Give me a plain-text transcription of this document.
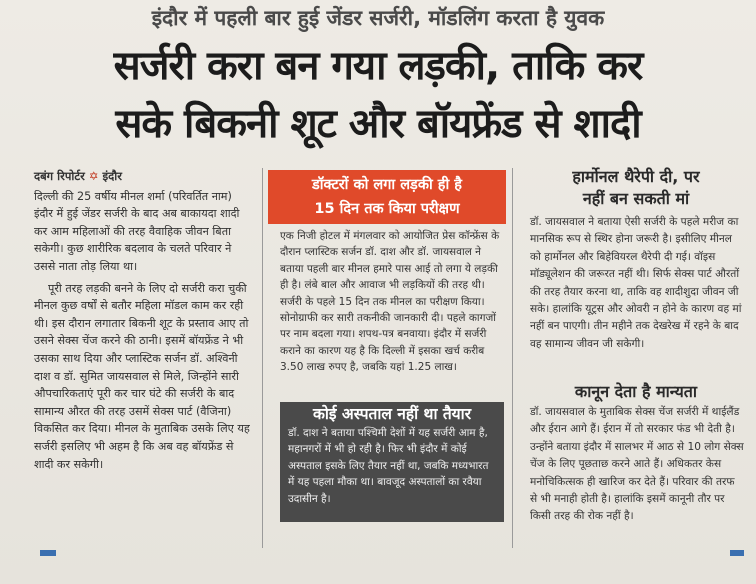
इंदौर में पहली बार हुई जेंडर सर्जरी, मॉडलिंग करता है युवक
सर्जरी करा बन गया लड़की, ताकि कर
सके बिकनी शूट और बॉयफ्रेंड से शादी
दबंग रिपोर्टर ✡ इंदौर

दिल्ली की 25 वर्षीय मीनल शर्मा (परिवर्तित नाम) इंदौर में हुई जेंडर सर्जरी के बाद अब बाकायदा शादी कर आम महिलाओं की तरह वैवाहिक जीवन बिता सकेगी। कुछ शारीरिक बदलाव के चलते परिवार ने उससे नाता तोड़ लिया था।

पूरी तरह लड़की बनने के लिए दो सर्जरी करा चुकी मीनल कुछ वर्षों से बतौर महिला मॉडल काम कर रही थी। इस दौरान लगातार बिकनी शूट के प्रस्ताव आए तो उसने सेक्स चेंज करने की ठानी। इसमें बॉयफ्रेंड ने भी उसका साथ दिया और प्लास्टिक सर्जन डॉ. अश्विनी दाश व डॉ. सुमित जायसवाल से मिले, जिन्होंने सारी औपचारिकताएं पूरी कर चार घंटे की सर्जरी के बाद सामान्य औरत की तरह उसमें सेक्स पार्ट (वैजिना) विकसित कर दिया। मीनल के मुताबिक उसके लिए यह सर्जरी इसलिए भी अहम है कि अब वह बॉयफ्रेंड से शादी कर सकेगी।

डॉक्टरों को लगा लड़की ही है
15 दिन तक किया परीक्षण

एक निजी होटल में मंगलवार को आयोजित प्रेस कॉन्फ्रेंस के दौरान प्लास्टिक सर्जन डॉ. दाश और डॉ. जायसवाल ने बताया पहली बार मीनल हमारे पास आई तो लगा ये लड़की ही है। लंबे बाल और आवाज भी लड़कियों की तरह थी। सर्जरी के पहले 15 दिन तक मीनल का परीक्षण किया। सोनोग्राफी कर सारी तकनीकी जानकारी दी। पहले कागजों पर नाम बदला गया। शपथ-पत्र बनवाया। इंदौर में सर्जरी कराने का कारण यह है कि दिल्ली में इसका खर्च करीब 3.50 लाख रुपए है, जबकि यहां 1.25 लाख।

कोई अस्पताल नहीं था तैयार
डॉ. दाश ने बताया पश्चिमी देशों में यह सर्जरी आम है, महानगरों में भी हो रही है। फिर भी इंदौर में कोई अस्पताल इसके लिए तैयार नहीं था, जबकि मध्यभारत में यह पहला मौका था। बावजूद अस्पतालों का रवैया उदासीन है।
हार्मोनल थैरेपी दी, पर
नहीं बन सकती मां

डॉ. जायसवाल ने बताया ऐसी सर्जरी के पहले मरीज का मानसिक रूप से स्थिर होना जरूरी है। इसीलिए मीनल को हार्मोनल और बिहेवियरल थैरेपी दी गई। वॉइस मॉड्यूलेशन की जरूरत नहीं थी। सिर्फ सेक्स पार्ट औरतों की तरह तैयार करना था, ताकि वह शादीशुदा जीवन जी सके। हालांकि यूट्रस और ओवरी न होने के कारण वह मां नहीं बन पाएगी। तीन महीने तक देखरेख में रहने के बाद वह सामान्य जीवन जी सकेगी।

कानून देता है मान्यता

डॉ. जायसवाल के मुताबिक सेक्स चेंज सर्जरी में थाईलैंड और ईरान आगे हैं। ईरान में तो सरकार फंड भी देती है। उन्होंने बताया इंदौर में सालभर में आठ से 10 लोग सेक्स चेंज के लिए पूछताछ करने आते हैं। अधिकतर केस मनोचिकित्सक ही खारिज कर देते हैं। परिवार की तरफ से भी मनाही होती है। हालांकि इसमें कानूनी तौर पर किसी तरह की रोक नहीं है।
